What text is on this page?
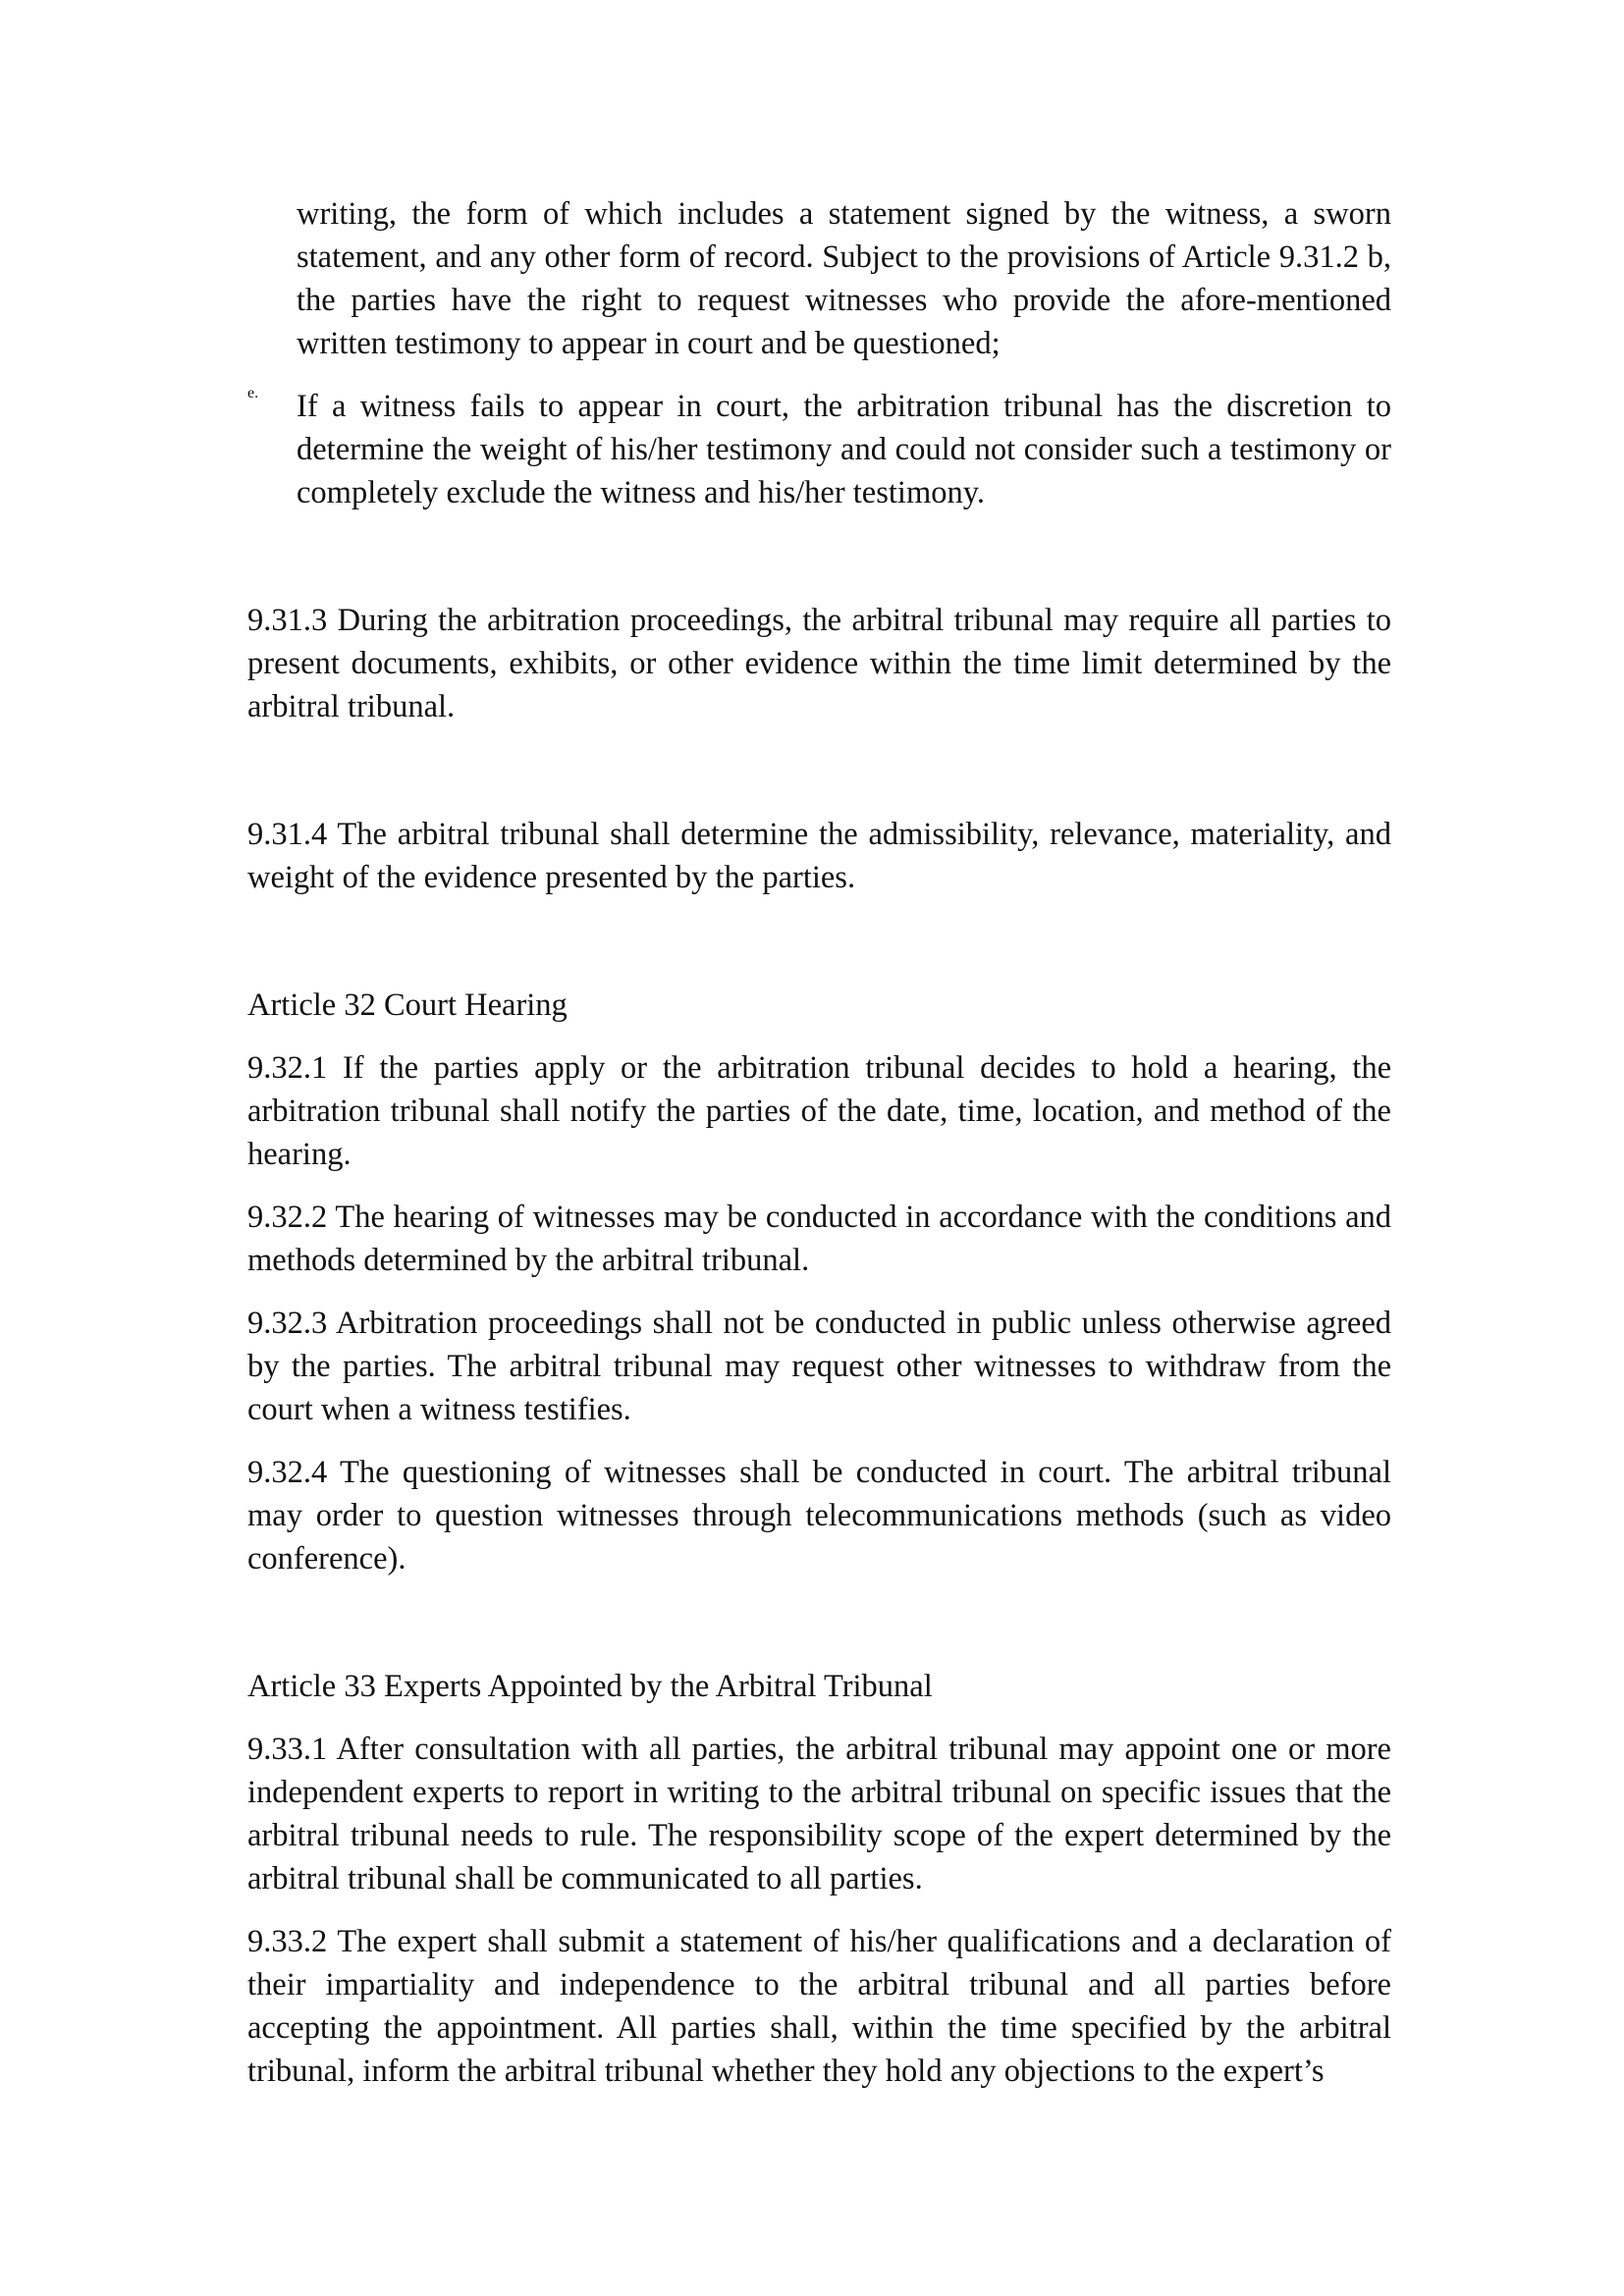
writing, the form of which includes a statement signed by the witness, a sworn statement, and any other form of record. Subject to the provisions of Article 9.31.2 b, the parties have the right to request witnesses who provide the afore-mentioned written testimony to appear in court and be questioned;

e. If a witness fails to appear in court, the arbitration tribunal has the discretion to determine the weight of his/her testimony and could not consider such a testimony or completely exclude the witness and his/her testimony.

9.31.3 During the arbitration proceedings, the arbitral tribunal may require all parties to present documents, exhibits, or other evidence within the time limit determined by the arbitral tribunal.

9.31.4 The arbitral tribunal shall determine the admissibility, relevance, materiality, and weight of the evidence presented by the parties.

Article 32 Court Hearing

9.32.1 If the parties apply or the arbitration tribunal decides to hold a hearing, the arbitration tribunal shall notify the parties of the date, time, location, and method of the hearing.

9.32.2 The hearing of witnesses may be conducted in accordance with the conditions and methods determined by the arbitral tribunal.

9.32.3 Arbitration proceedings shall not be conducted in public unless otherwise agreed by the parties. The arbitral tribunal may request other witnesses to withdraw from the court when a witness testifies.

9.32.4 The questioning of witnesses shall be conducted in court. The arbitral tribunal may order to question witnesses through telecommunications methods (such as video conference).

Article 33 Experts Appointed by the Arbitral Tribunal

9.33.1 After consultation with all parties, the arbitral tribunal may appoint one or more independent experts to report in writing to the arbitral tribunal on specific issues that the arbitral tribunal needs to rule. The responsibility scope of the expert determined by the arbitral tribunal shall be communicated to all parties.

9.33.2 The expert shall submit a statement of his/her qualifications and a declaration of their impartiality and independence to the arbitral tribunal and all parties before accepting the appointment. All parties shall, within the time specified by the arbitral tribunal, inform the arbitral tribunal whether they hold any objections to the expert’s
